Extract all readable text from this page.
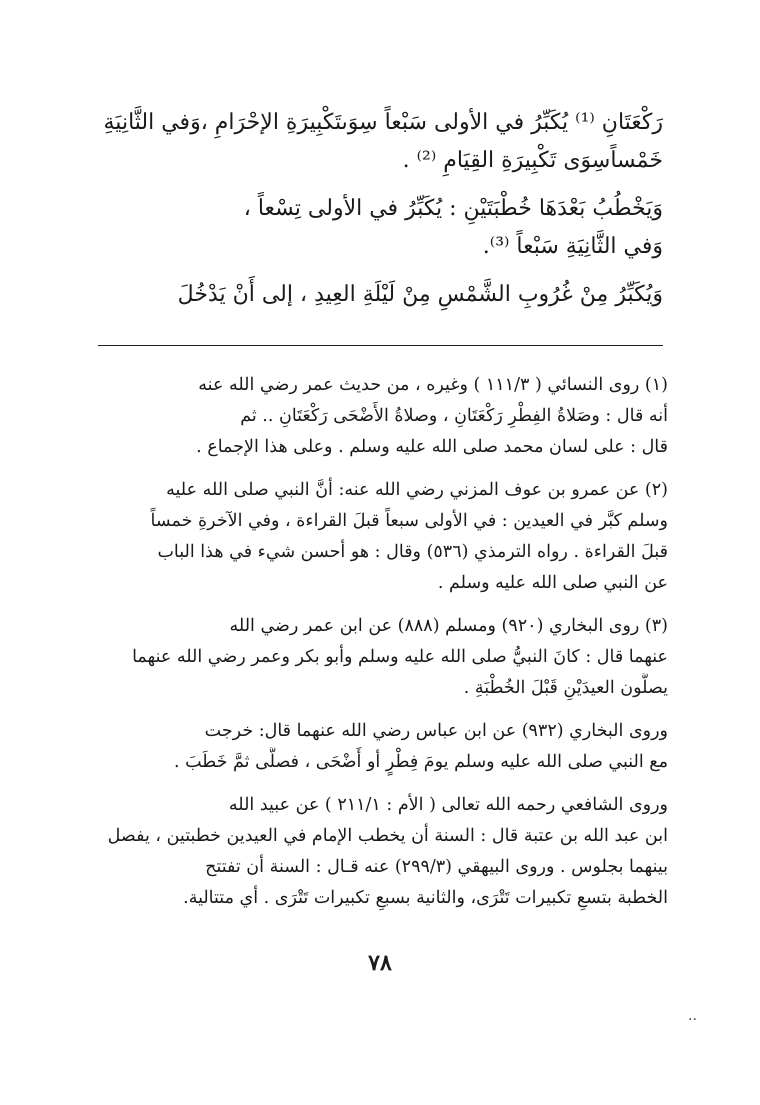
رَكْعَتَانِ ⁽¹⁾ يُكَبِّرُ في الأولى سَبْعاً سِوَىتَكْبِيرَةِ الإحْرَامِ ،وَفي الثَّانِيَةِ

خَمْساًسِوَى تَكْبِيرَةِ القِيَامِ ⁽²⁾ .

وَيَخْطُبُ بَعْدَهَا خُطْبَتَيْنِ : يُكَبِّرُ في الأولى تِسْعاً ،

وَفي الثَّانِيَةِ سَبْعاً ⁽³⁾.

وَيُكَبِّرُ مِنْ غُرُوبِ الشَّمْسِ مِنْ لَيْلَةِ العِيدِ ، إلى أَنْ يَدْخُلَ

(١) روى النسائي ( ١١١/٣ ) وغيره ، من حديث عمر رضي الله عنه
أنه قال : وصَلاةُ الفِطْرِ رَكْعَتَانِ ، وصلاةُ الأَضْحَى رَكْعَتَانِ .. ثم
قال : على لسان محمد صلى الله عليه وسلم . وعلى هذا الإجماع .
(٢) عن عمرو بن عوف المزني رضي الله عنه: أنَّ النبي صلى الله عليه
وسلم كبَّر في العيدين : في الأولى سبعاً قبلَ القراءة ، وفي الآخرةِ خمساً
قبلَ القراءة . رواه الترمذي (٥٣٦) وقال : هو أحسن شيء في هذا الباب
عن النبي صلى الله عليه وسلم .
(٣) روى البخاري (٩٢٠) ومسلم (٨٨٨) عن ابن عمر رضي الله
عنهما قال : كانَ النبيُّ صلى الله عليه وسلم وأبو بكر وعمر رضي الله عنهما
يصلُّون العيدَيْنِ قَبْلَ الخُطْبَةِ .
وروى البخاري (٩٣٢) عن ابن عباس رضي الله عنهما قال: خرجت
مع النبي صلى الله عليه وسلم يومَ فِطْرٍ أو أَضْحَى ، فصلَّى ثمَّ خَطَبَ .
وروى الشافعي رحمه الله تعالى ( الأم : ٢١١/١ ) عن عبيد الله
ابن عبد الله بن عتبة قال : السنة أن يخطب الإمام في العيدين خطبتين ، يفصل
بينهما بجلوس . وروى البيهقي (٢٩٩/٣) عنه قـال : السنة أن تفتتح
الخطبة بتسعِ تكبيرات تَتْرَى، والثانية بسبعِ تكبيرات تَتْرَى . أي متتالية.
٧٨
..
